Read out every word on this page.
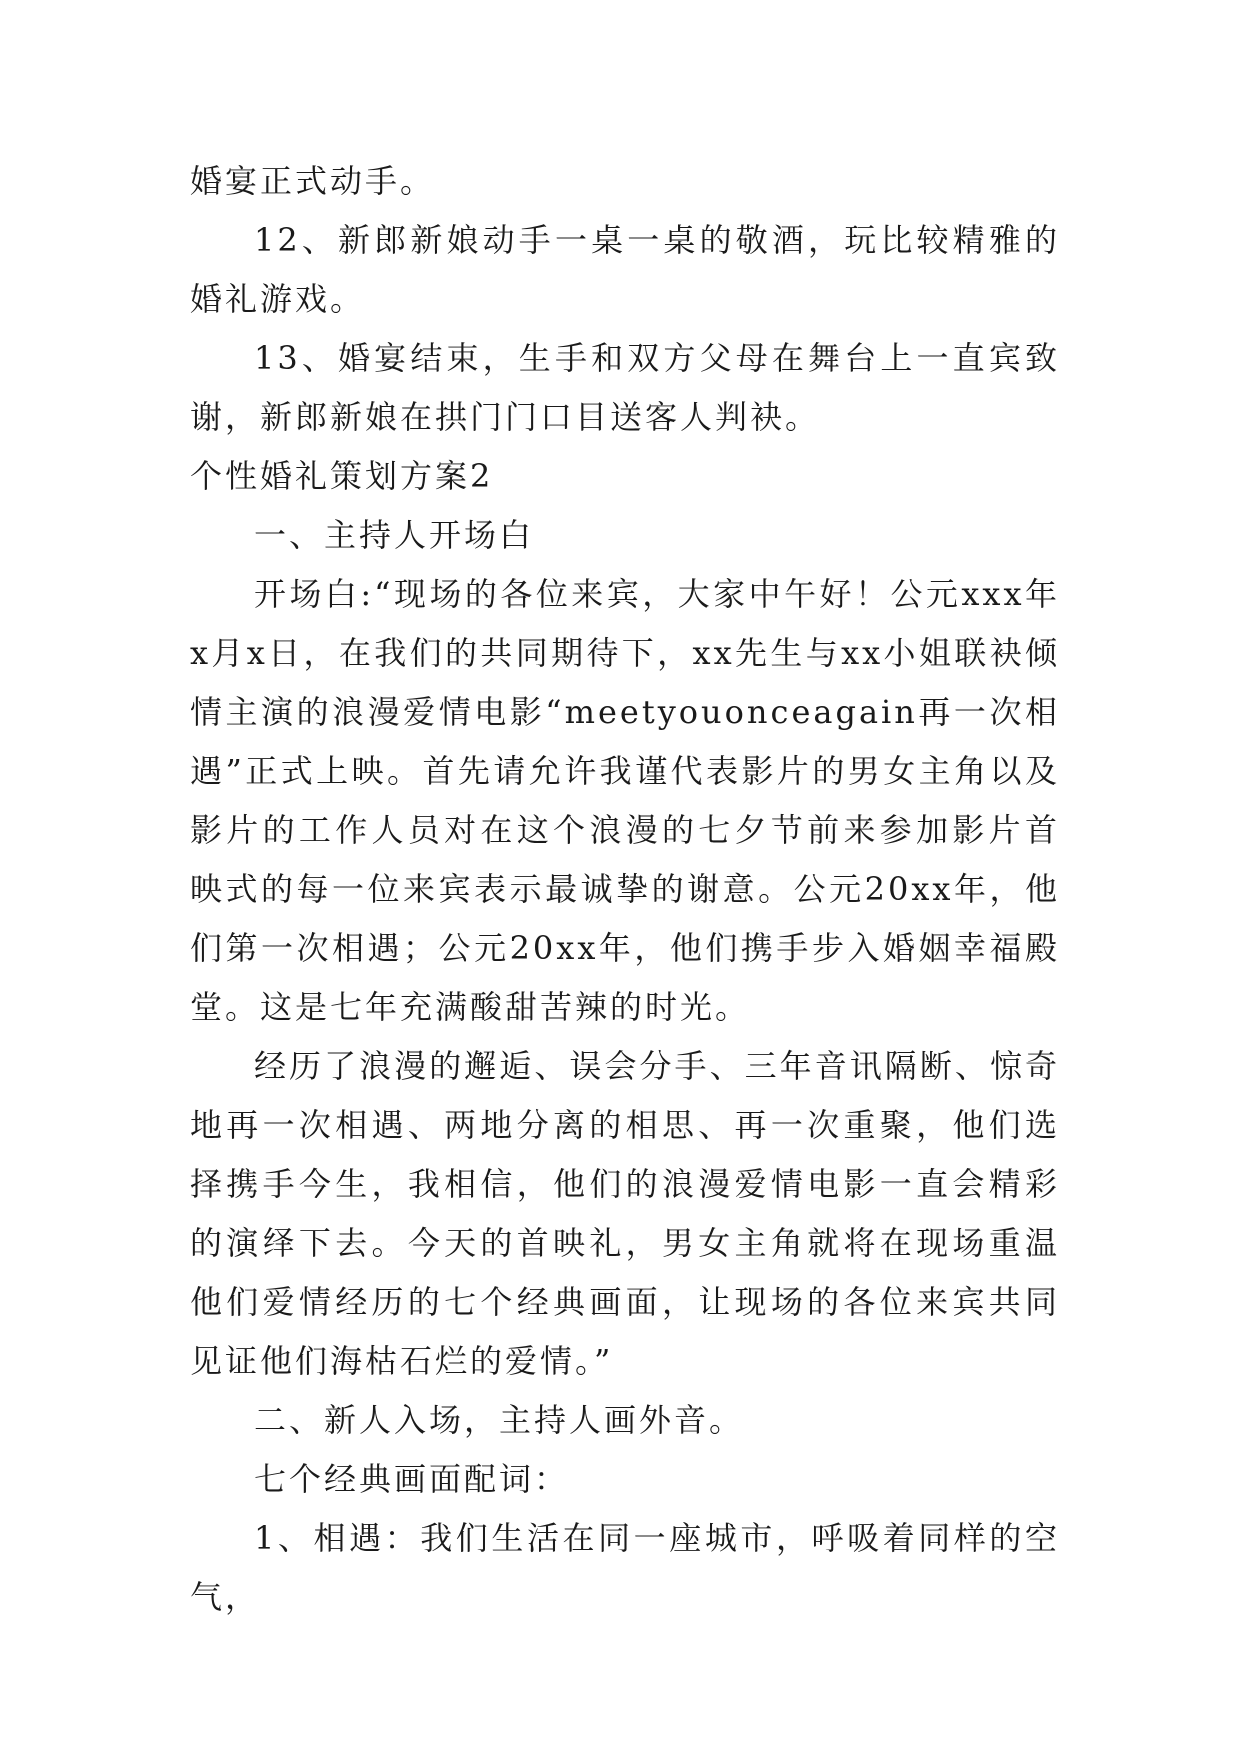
婚宴正式动手。

12、新郎新娘动手一桌一桌的敬酒，玩比较精雅的婚礼游戏。

13、婚宴结束，生手和双方父母在舞台上一直宾致谢，新郎新娘在拱门门口目送客人判袂。

个性婚礼策划方案2

一、主持人开场白

开场白:“现场的各位来宾，大家中午好！公元xxx年x月x日，在我们的共同期待下，xx先生与xx小姐联袂倾情主演的浪漫爱情电影“meetyouonceagain再一次相遇”正式上映。首先请允许我谨代表影片的男女主角以及影片的工作人员对在这个浪漫的七夕节前来参加影片首映式的每一位来宾表示最诚挚的谢意。公元20xx年，他们第一次相遇；公元20xx年，他们携手步入婚姻幸福殿堂。这是七年充满酸甜苦辣的时光。

经历了浪漫的邂逅、误会分手、三年音讯隔断、惊奇地再一次相遇、两地分离的相思、再一次重聚，他们选择携手今生，我相信，他们的浪漫爱情电影一直会精彩的演绎下去。今天的首映礼，男女主角就将在现场重温他们爱情经历的七个经典画面，让现场的各位来宾共同见证他们海枯石烂的爱情。”

二、新人入场，主持人画外音。

七个经典画面配词：

1、相遇：我们生活在同一座城市，呼吸着同样的空气，
